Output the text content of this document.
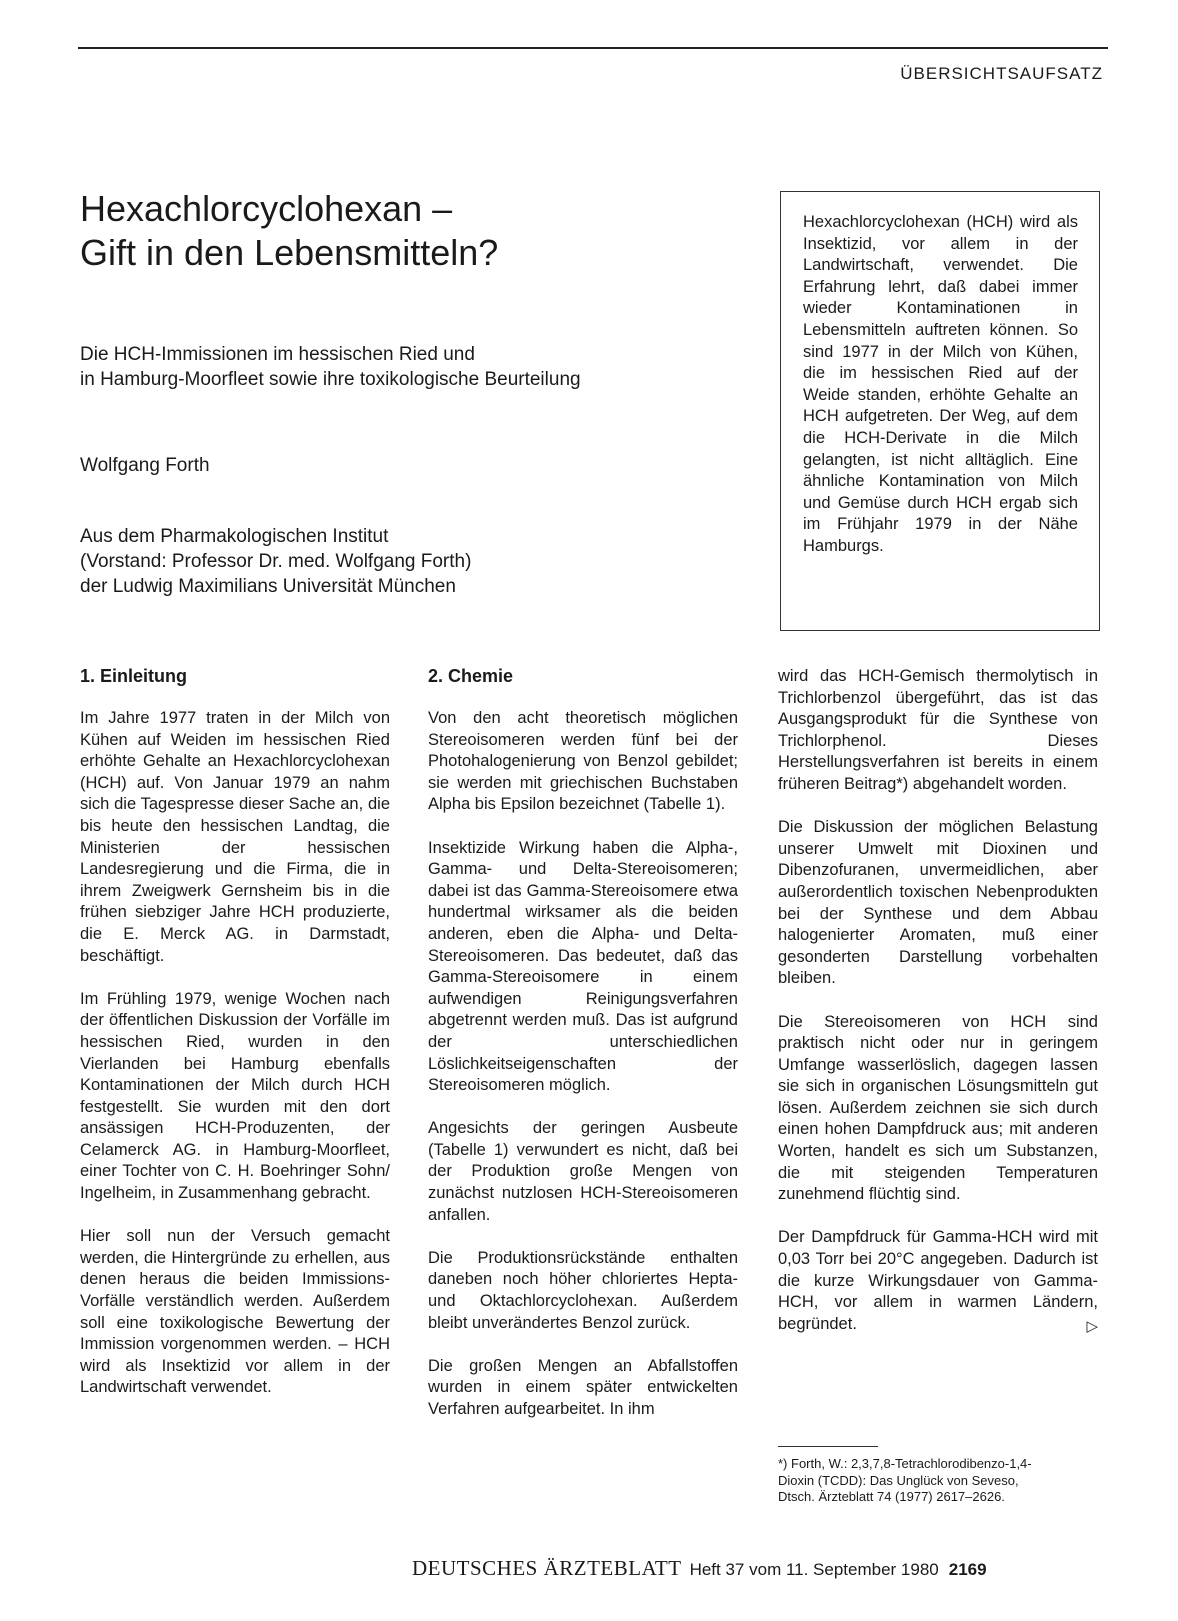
ÜBERSICHTSAUFSATZ
Hexachlorcyclohexan –
Gift in den Lebensmitteln?
Die HCH-Immissionen im hessischen Ried und
in Hamburg-Moorfleet sowie ihre toxikologische Beurteilung
Wolfgang Forth
Aus dem Pharmakologischen Institut
(Vorstand: Professor Dr. med. Wolfgang Forth)
der Ludwig Maximilians Universität München
Hexachlorcyclohexan (HCH) wird als Insektizid, vor allem in der Landwirtschaft, verwendet. Die Erfahrung lehrt, daß dabei immer wieder Kontaminationen in Lebensmitteln auftreten können. So sind 1977 in der Milch von Kühen, die im hessischen Ried auf der Weide standen, erhöhte Gehalte an HCH aufgetreten. Der Weg, auf dem die HCH-Derivate in die Milch gelangten, ist nicht alltäglich. Eine ähnliche Kontamination von Milch und Gemüse durch HCH ergab sich im Frühjahr 1979 in der Nähe Hamburgs.
1. Einleitung

Im Jahre 1977 traten in der Milch von Kühen auf Weiden im hessischen Ried erhöhte Gehalte an Hexachlorcyclohexan (HCH) auf. Von Januar 1979 an nahm sich die Tagespresse dieser Sache an, die bis heute den hessischen Landtag, die Ministerien der hessischen Landesregierung und die Firma, die in ihrem Zweigwerk Gernsheim bis in die frühen siebziger Jahre HCH produzierte, die E. Merck AG. in Darmstadt, beschäftigt.

Im Frühling 1979, wenige Wochen nach der öffentlichen Diskussion der Vorfälle im hessischen Ried, wurden in den Vierlanden bei Hamburg ebenfalls Kontaminationen der Milch durch HCH festgestellt. Sie wurden mit den dort ansässigen HCH-Produzenten, der Celamerck AG. in Hamburg-Moorfleet, einer Tochter von C. H. Boehringer Sohn/ Ingelheim, in Zusammenhang gebracht.

Hier soll nun der Versuch gemacht werden, die Hintergründe zu erhellen, aus denen heraus die beiden Immissions-Vorfälle verständlich werden. Außerdem soll eine toxikologische Bewertung der Immission vorgenommen werden. – HCH wird als Insektizid vor allem in der Landwirtschaft verwendet.

2. Chemie

Von den acht theoretisch möglichen Stereoisomeren werden fünf bei der Photohalogenierung von Benzol gebildet; sie werden mit griechischen Buchstaben Alpha bis Epsilon bezeichnet (Tabelle 1).

Insektizide Wirkung haben die Alpha-, Gamma- und Delta-Stereoisomeren; dabei ist das Gamma-Stereoisomere etwa hundertmal wirksamer als die beiden anderen, eben die Alpha- und Delta-Stereoisomeren. Das bedeutet, daß das Gamma-Stereoisomere in einem aufwendigen Reinigungsverfahren abgetrennt werden muß. Das ist aufgrund der unterschiedlichen Löslichkeitseigenschaften der Stereoisomeren möglich.

Angesichts der geringen Ausbeute (Tabelle 1) verwundert es nicht, daß bei der Produktion große Mengen von zunächst nutzlosen HCH-Stereoisomeren anfallen.

Die Produktionsrückstände enthalten daneben noch höher chloriertes Hepta- und Oktachlorcyclohexan. Außerdem bleibt unverändertes Benzol zurück.

Die großen Mengen an Abfallstoffen wurden in einem später entwickelten Verfahren aufgearbeitet. In ihm

wird das HCH-Gemisch thermolytisch in Trichlorbenzol übergeführt, das ist das Ausgangsprodukt für die Synthese von Trichlorphenol. Dieses Herstellungsverfahren ist bereits in einem früheren Beitrag*) abgehandelt worden.

Die Diskussion der möglichen Belastung unserer Umwelt mit Dioxinen und Dibenzofuranen, unvermeidlichen, aber außerordentlich toxischen Nebenprodukten bei der Synthese und dem Abbau halogenierter Aromaten, muß einer gesonderten Darstellung vorbehalten bleiben.

Die Stereoisomeren von HCH sind praktisch nicht oder nur in geringem Umfange wasserlöslich, dagegen lassen sie sich in organischen Lösungsmitteln gut lösen. Außerdem zeichnen sie sich durch einen hohen Dampfdruck aus; mit anderen Worten, handelt es sich um Substanzen, die mit steigenden Temperaturen zunehmend flüchtig sind.

Der Dampfdruck für Gamma-HCH wird mit 0,03 Torr bei 20°C angegeben. Dadurch ist die kurze Wirkungsdauer von Gamma-HCH, vor allem in warmen Ländern, begründet.	▷

*) Forth, W.: 2,3,7,8-Tetrachlorodibenzo-1,4-
Dioxin (TCDD): Das Unglück von Seveso,
Dtsch. Ärzteblatt 74 (1977) 2617–2626.
DEUTSCHES ÄRZTEBLATT Heft 37 vom 11. September 1980 2169
